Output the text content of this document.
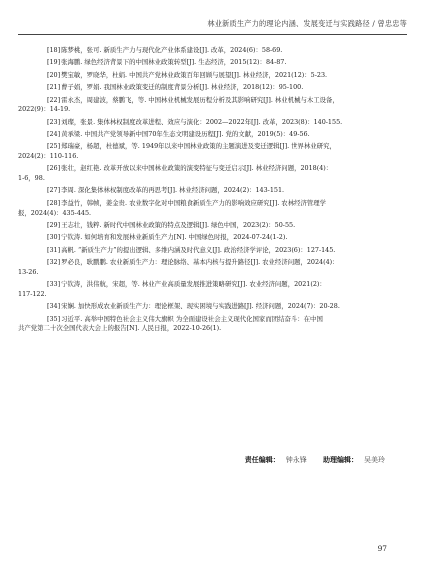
林业新质生产力的理论内涵、发展变迁与实践路径 / 曾忠忠等
[18]陈梦桃，张可. 新质生产力与现代化产业体系建设[J]. 改革，2024(6)：58-69.
[19]张海鹏. 绿色经济背景下的中国林业政策转型[J]. 生态经济，2015(12)：84-87.
[20]樊宝敏，罗晓华，杜娟. 中国共产党林业政策百年回顾与展望[J]. 林业经济，2021(12)：5-23.
[21]曹子娟，罗娟. 我国林业政策变迁的制度背景分析[J]. 林业经济，2018(12)：95-100.
[22]雷永杰，周建波，蔡鹏飞，等. 中国林业机械发展历程分析及其影响研究[J]. 林业机械与木工设备，
2022(9)：14-19.
[23]刘璨，张景. 集体林权制度改革进程、效应与演化：2002—2022年[J]. 改革，2023(8)：140-155.
[24]黄承梁. 中国共产党领导新中国70年生态文明建设历程[J]. 党的文献，2019(5)：49-56.
[25]郑瑞豪，杨超，杜德斌，等. 1949年以来中国林业政策的主题演进及变迁逻辑[J]. 世界林业研究，
2024(2)：110-116.
[26]张壮，赵红艳. 改革开放以来中国林业政策的演变特征与变迁启示[J]. 林业经济问题，2018(4)：
1-6，98.
[27]李周. 深化集体林权制度改革的再思考[J]. 林业经济问题，2024(2)：143-151.
[28]李益竹，韩帧，姜金贵. 农业数字化对中国粮食新质生产力的影响效应研究[J]. 农林经济管理学
报，2024(4)：435-445.
[29]王志壮，钱粹. 新时代中国林业政策的特点及逻辑[J]. 绿色中国，2023(2)：50-55.
[30]宁钦涛. 如何培育和发展林业新质生产力[N]. 中国绿色时报，2024-07-24(1-2).
[31]高帆. “新质生产力”的提出逻辑、多维内涵及时代意义[J]. 政治经济学评论，2023(6)：127-145.
[32]罗必良，耿鹏鹏. 农业新质生产力：理论脉络、基本内核与提升路径[J]. 农业经济问题，2024(4)：
13-26.
[33]宁钦涛，洪伟航，宋超，等. 林业产业高质量发展推进策略研究[J]. 农业经济问题，2021(2)：
117-122.
[34]宋娴. 加快形成农业新质生产力：理论框架、现实困境与实践进路[J]. 经济问题，2024(7)：20-28.
[35]习近平. 高举中国特色社会主义伟大旗帜 为全面建设社会主义现代化国家而团结奋斗：在中国
共产党第二十次全国代表大会上的报告[N]. 人民日报，2022-10-26(1).
责任编辑： 钟永锋 助理编辑： 吴美玲
97
